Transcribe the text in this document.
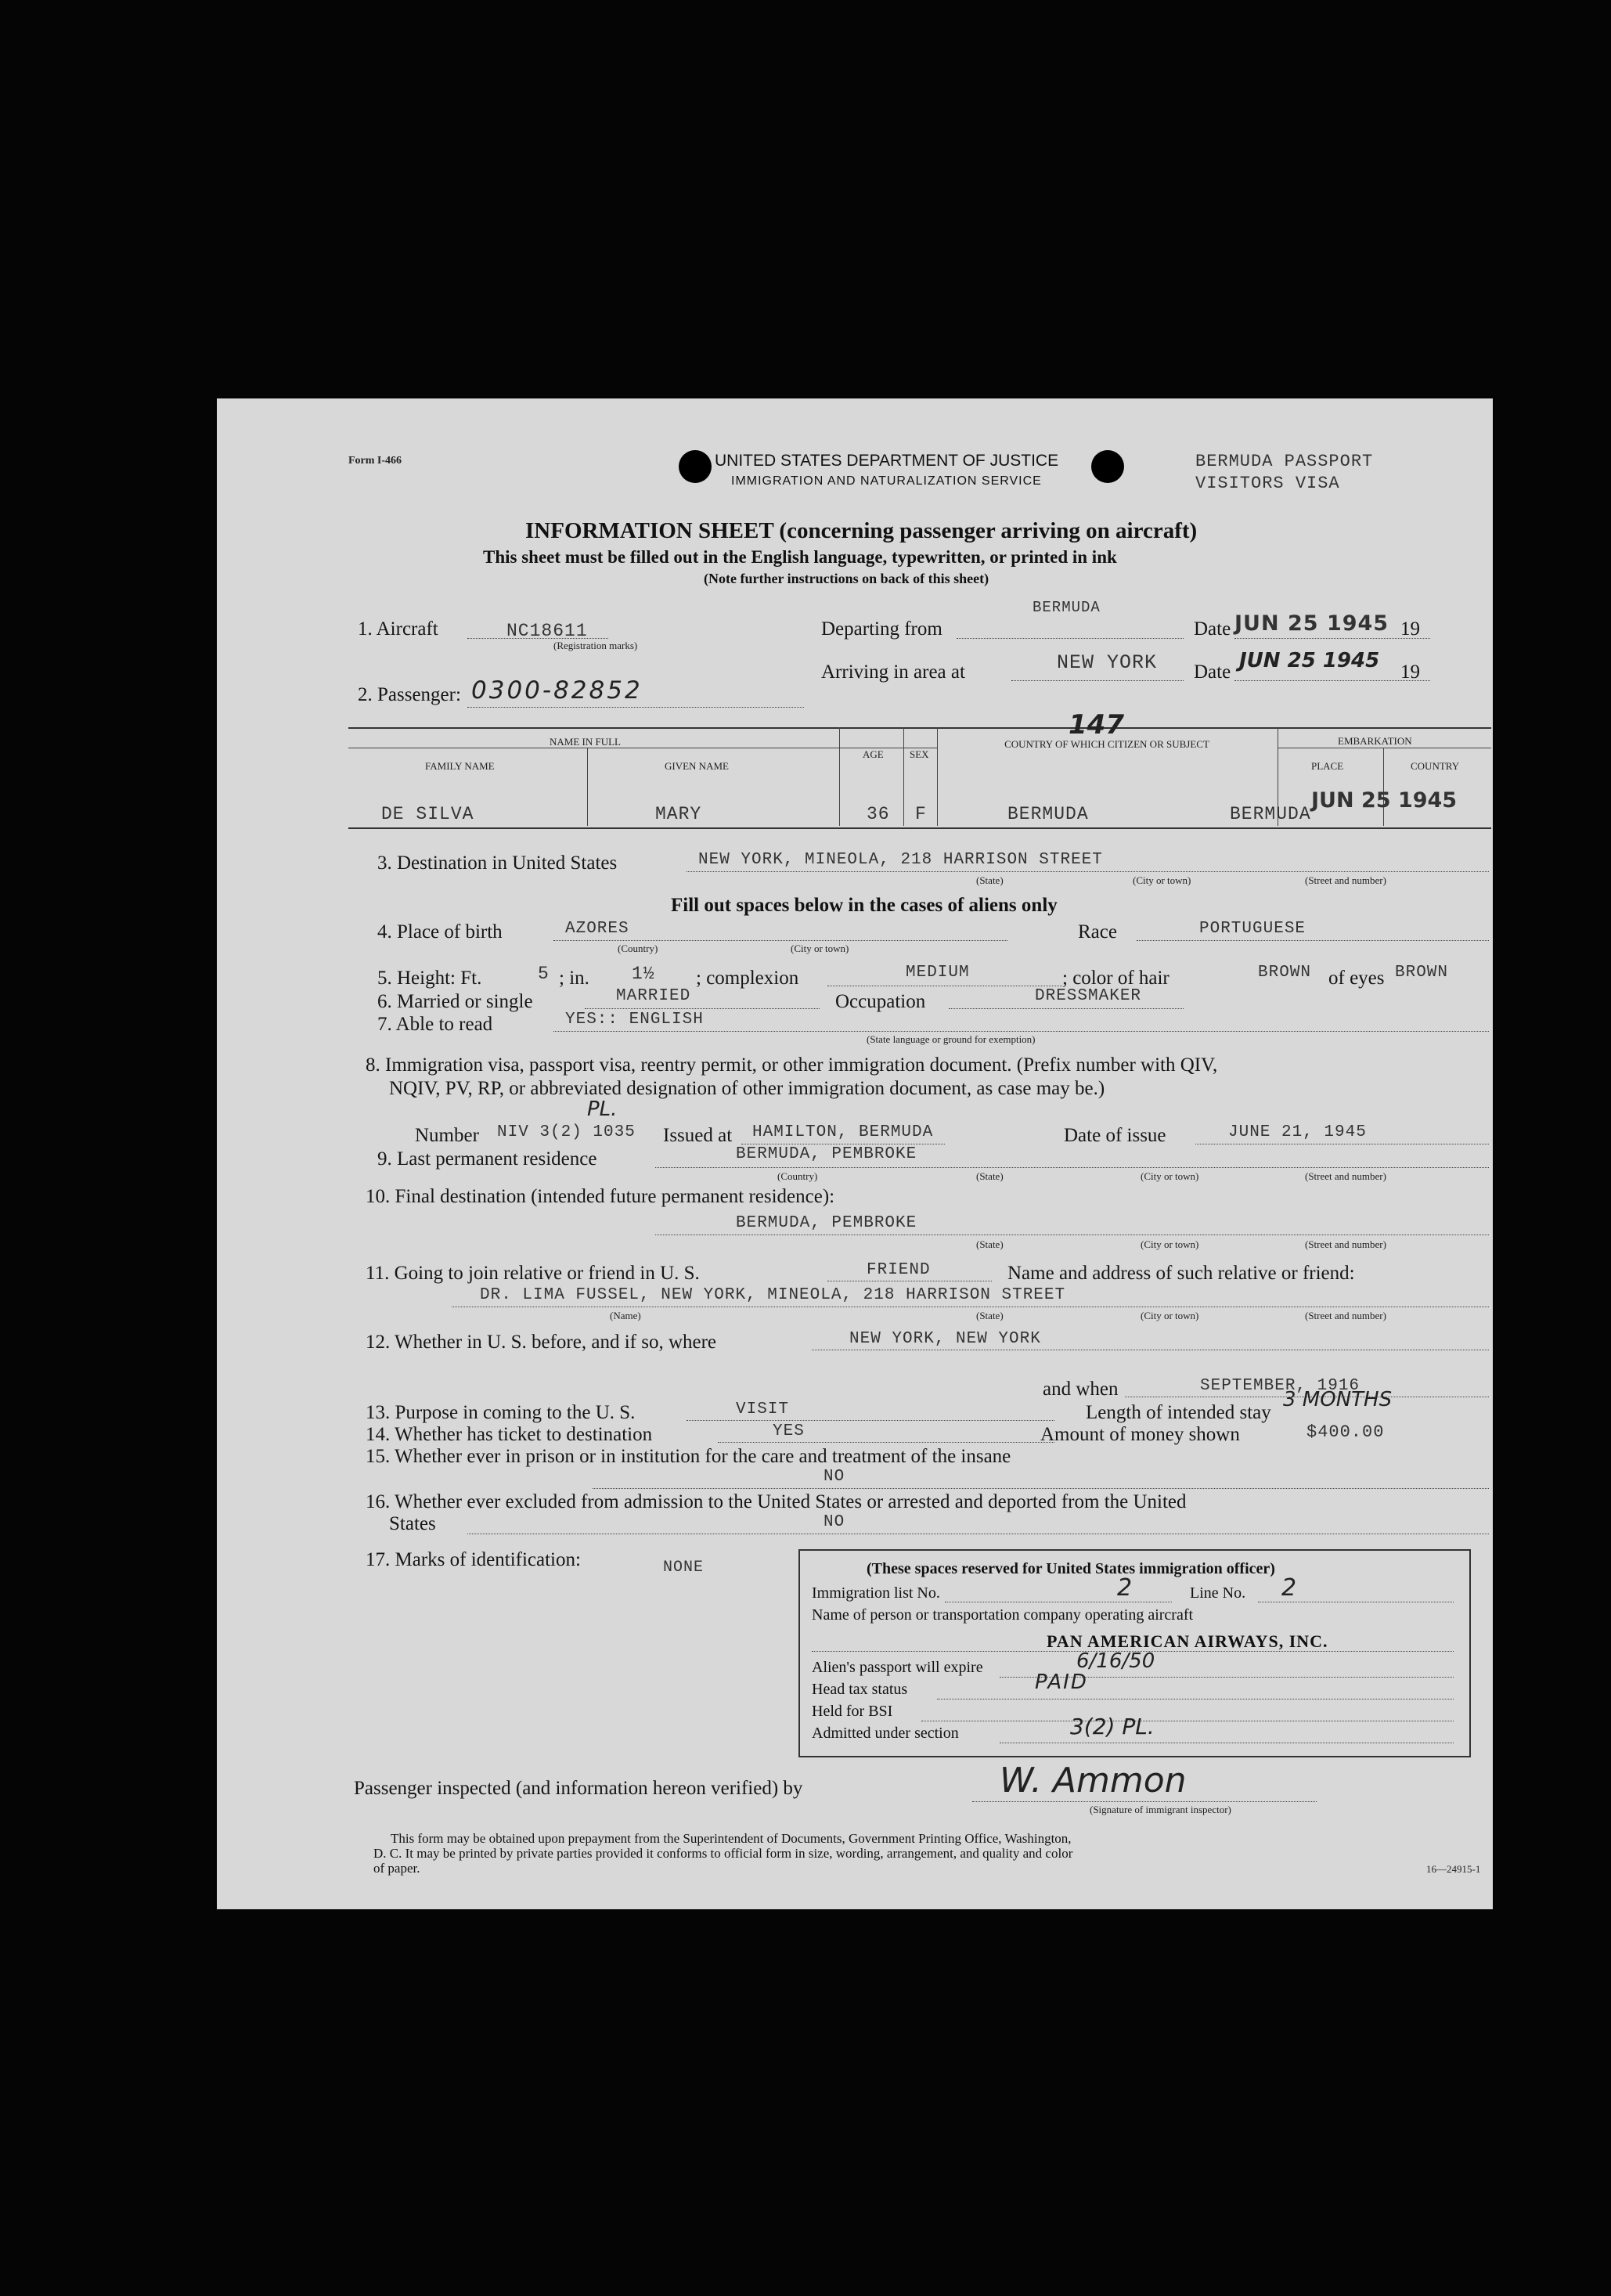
Form I-466	UNITED STATES DEPARTMENT OF JUSTICE
IMMIGRATION AND NATURALIZATION SERVICE
BERMUDA PASSPORT
VISITORS VISA
INFORMATION SHEET (concerning passenger arriving on aircraft)
This sheet must be filled out in the English language, typewritten, or printed in ink
(Note further instructions on back of this sheet)
1. Aircraft	NC18611
(Registration marks)
Departing from
BERMUDA
Date JUN 25 1945 19
Arriving in area at	NEW YORK Date JUN 25 1945 19
2. Passenger: 0300-82852
NAME IN FULL
FAMILY NAME	GIVEN NAME
AGE	SEX
COUNTRY OF WHICH CITIZEN OR SUBJECT
147
EMBARKATION
PLACE	COUNTRY
DE SILVA	MARY	36 F	BERMUDA	BERMUDA
JUN 25 1945
3. Destination in United States	NEW YORK, MINEOLA, 218 HARRISON STREET
(State)	(City or town)	(Street and number)
Fill out spaces below in the cases of aliens only
4. Place of birth	AZORES
(Country)	(City or town)
Race	PORTUGUESE
5. Height: Ft.	5 ; in. 1½ ; complexion	MEDIUM	; color of hair	BROWN of eyes BROWN
6. Married or single	MARRIED	Occupation	DRESSMAKER
7. Able to read	YES:: ENGLISH
(State language or ground for exemption)
8. Immigration visa, passport visa, reentry permit, or other immigration document. (Prefix number with QIV,
NQIV, PV, RP, or abbreviated designation of other immigration document, as case may be.)
Number NIV 3(2) 1035
PL.
Issued at HAMILTON, BERMUDA	Date of issue	JUNE 21, 1945
9. Last permanent residence	BERMUDA, PEMBROKE
(Country)	(State)	(City or town)	(Street and number)
10. Final destination (intended future permanent residence):
BERMUDA, PEMBROKE
(State)	(City or town)	(Street and number)
11. Going to join relative or friend in U. S.	FRIEND	Name and address of such relative or friend:
DR. LIMA FUSSEL, NEW YORK, MINEOLA, 218 HARRISON STREET
(Name)	(State)	(City or town)	(Street and number)
12. Whether in U. S. before, and if so, where	NEW YORK, NEW YORK
and when	SEPTEMBER, 1916
13. Purpose in coming to the U. S.	VISIT	Length of intended stay
3 MONTHS
14. Whether has ticket to destination	YES	Amount of money shown	$400.00
15. Whether ever in prison or in institution for the care and treatment of the insane
NO
16. Whether ever excluded from admission to the United States or arrested and deported from the United
States	NO
17. Marks of identification:	NONE	(These spaces reserved for United States immigration officer)
Immigration list No.	2	Line No. 2
Name of person or transportation company operating aircraft
PAN AMERICAN AIRWAYS, INC.
Alien's passport will expire	6/16/50
Head tax status	PAID
Held for BSI
Admitted under section	3(2) PL.
Passenger inspected (and information hereon verified) by	W. Ammon
(Signature of immigrant inspector)
This form may be obtained upon prepayment from the Superintendent of Documents, Government Printing Office, Washington,
D. C. It may be printed by private parties provided it conforms to official form in size, wording, arrangement, and quality and color
of paper.	16—24915-1
